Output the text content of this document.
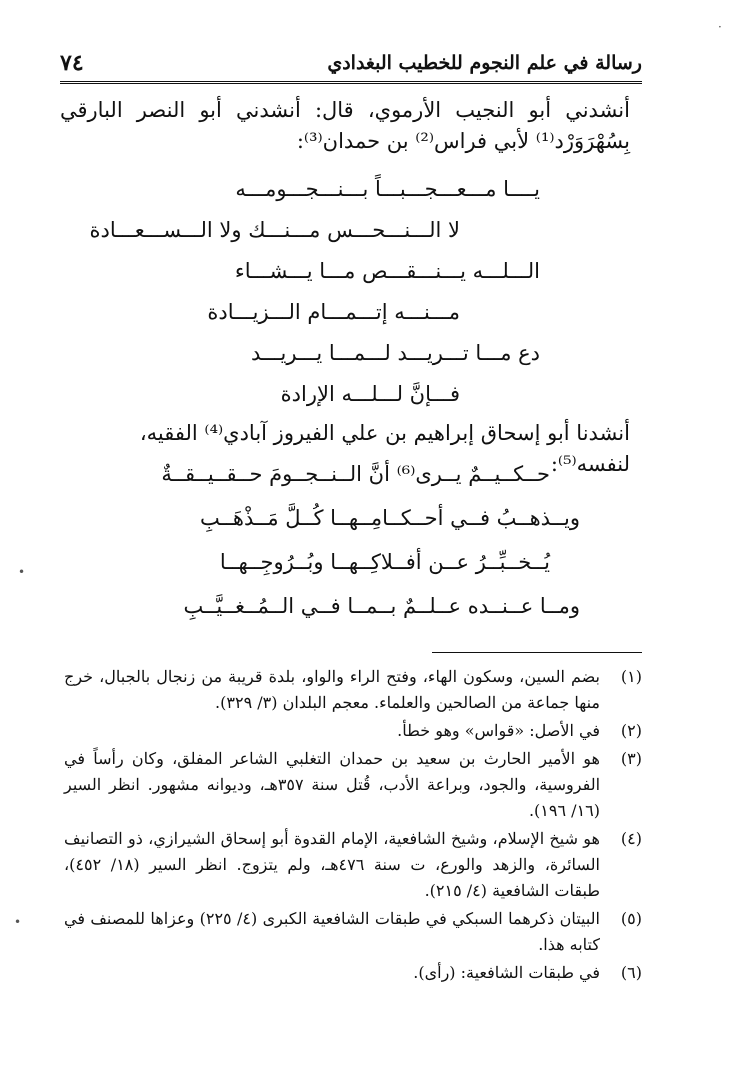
رسالة في علم النجوم للخطيب البغدادي
٧٤

أنشدني أبو النجيب الأرموي، قال: أنشدني أبو النصر البارقي بِسُهْرَوَرْد⁽¹⁾ لأبي فراس⁽²⁾ بن حمدان⁽³⁾:

يــــا مـــعـــجـــبـــاً بـــنـــجـــومـــه
لا الـــنـــحـــس مـــنـــك ولا الـــســـعـــادة
الـــلـــه يـــنـــقـــص مـــا يـــشـــاء
مـــنـــه إتـــمـــام الـــزيـــادة
دع مـــا تـــريـــد لـــمـــا يـــريـــد
فـــإنَّ لـــلـــه الإرادة
أنشدنا أبو إسحاق إبراهيم بن علي الفيروز آبادي⁽⁴⁾ الفقيه، لنفسه⁽⁵⁾:
حــكــيــمٌ يــرى⁽⁶⁾ أنَّ الــنــجــومَ حــقــيــقــةٌ
ويــذهــبُ فــي أحــكــامِــهــا كُــلَّ مَــذْهَــبِ
يُــخــبِّــرُ عــن أفــلاكِــهــا وبُــرُوجِــهــا
ومــا عــنــده عــلــمٌ بــمــا فــي الــمُــغــيَّــبِ
(١)
بضم السين، وسكون الهاء، وفتح الراء والواو، بلدة قريبة من زنجال بالجبال، خرج منها جماعة من الصالحين والعلماء. معجم البلدان (٣/ ٣٢٩).
(٢)
في الأصل: «قواس» وهو خطأ.
(٣)
هو الأمير الحارث بن سعيد بن حمدان التغلبي الشاعر المفلق، وكان رأساً في الفروسية، والجود، وبراعة الأدب، قُتل سنة ٣٥٧هـ، وديوانه مشهور. انظر السير (١٦/ ١٩٦).
(٤)
هو شيخ الإسلام، وشيخ الشافعية، الإمام القدوة أبو إسحاق الشيرازي، ذو التصانيف السائرة، والزهد والورع، ت سنة ٤٧٦هـ، ولم يتزوج. انظر السير (١٨/ ٤٥٢)، طبقات الشافعية (٤/ ٢١٥).
(٥)
البيتان ذكرهما السبكي في طبقات الشافعية الكبرى (٤/ ٢٢٥) وعزاها للمصنف في كتابه هذا.
(٦)
في طبقات الشافعية: (رأى).
•
•
·
